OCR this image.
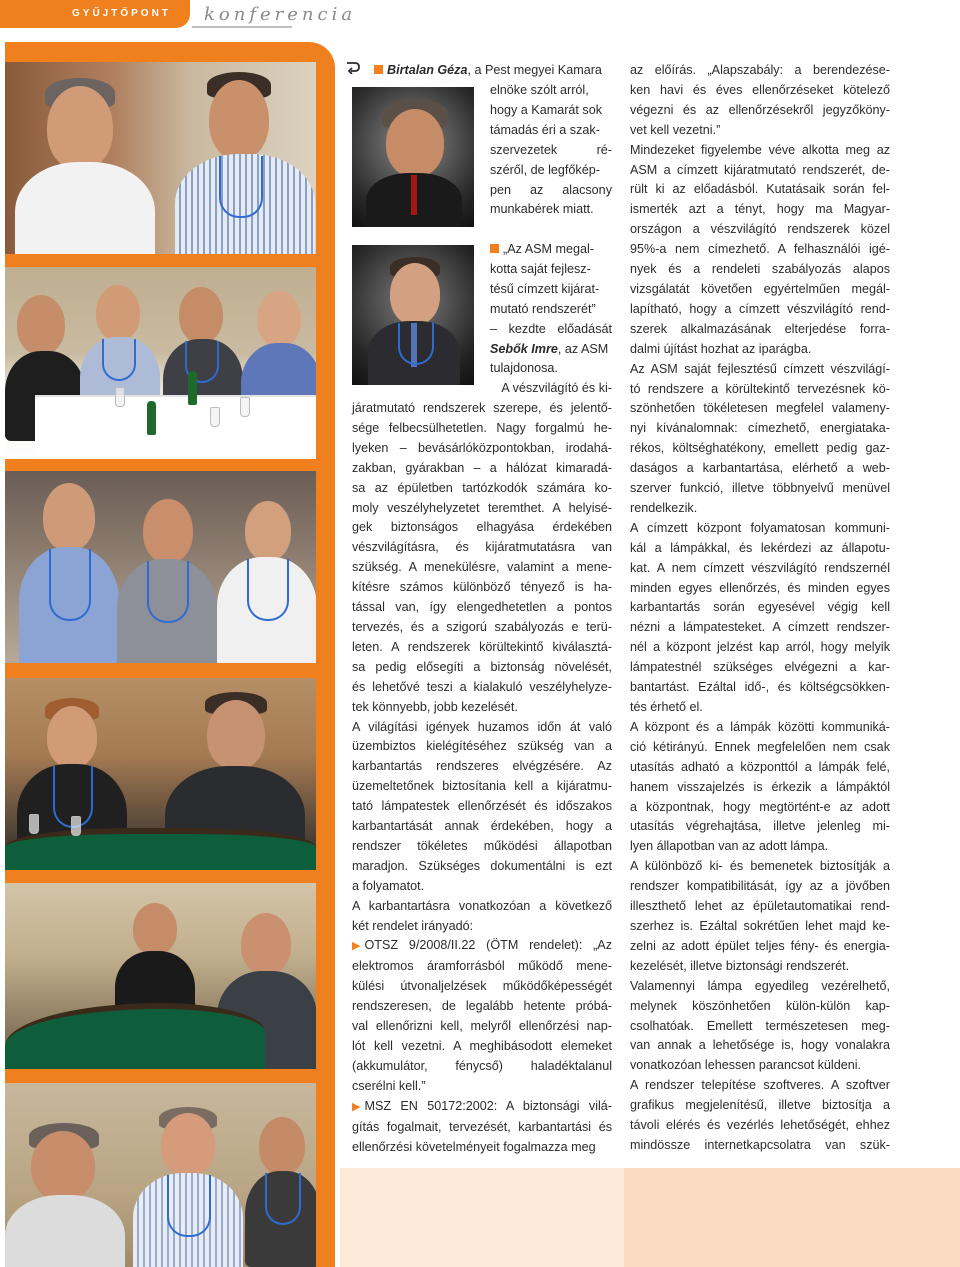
GYŰJTŐPONT konferencia
Birtalan Géza, a Pest megyei Kamara

elnöke szólt arról,

hogy a Kamarát sok

támadás éri a szak-

szervezetek ré-

széről, de legfőkép-

pen az alacsony

munkabérek miatt.

„Az ASM megal-

kotta saját fejlesz-

tésű címzett kijárat-

mutató rendszerét”

– kezdte előadását

Sebők Imre, az ASM

tulajdonosa.

A vészvilágító és ki-

járatmutató rendszerek szerepe, és jelentő-

sége felbecsülhetetlen. Nagy forgalmú he-

lyeken – bevásárlóközpontokban, irodahá-

zakban, gyárakban – a hálózat kimaradá-

sa az épületben tartózkodók számára ko-

moly veszélyhelyzetet teremthet. A helyisé-

gek biztonságos elhagyása érdekében

vészvilágításra, és kijáratmutatásra van

szükség. A menekülésre, valamint a mene-

kítésre számos különböző tényező is ha-

tással van, így elengedhetetlen a pontos

tervezés, és a szigorú szabályozás e terü-

leten. A rendszerek körültekintő kiválasztá-

sa pedig elősegíti a biztonság növelését,

és lehetővé teszi a kialakuló veszélyhelyze-

tek könnyebb, jobb kezelését.

A világítási igények huzamos időn át való

üzembiztos kielégítéséhez szükség van a

karbantartás rendszeres elvégzésére. Az

üzemeltetőnek biztosítania kell a kijáratmu-

tató lámpatestek ellenőrzését és időszakos

karbantartását annak érdekében, hogy a

rendszer tökéletes működési állapotban

maradjon. Szükséges dokumentálni is ezt

a folyamatot.

A karbantartásra vonatkozóan a következő

két rendelet irányadó:

▶ OTSZ 9/2008/II.22 (ÖTM rendelet): „Az

elektromos áramforrásból működő mene-

külési útvonaljelzések működőképességét

rendszeresen, de legalább hetente próbá-

val ellenőrizni kell, melyről ellenőrzési nap-

lót kell vezetni. A meghibásodott elemeket

(akkumulátor, fénycső) haladéktalanul

cserélni kell.”

▶ MSZ EN 50172:2002: A biztonsági vilá-

gítás fogalmait, tervezését, karbantartási és

ellenőrzési követelményeit fogalmazza meg

az előírás. „Alapszabály: a berendezése-

ken havi és éves ellenőrzéseket kötelező

végezni és az ellenőrzésekről jegyzőköny-

vet kell vezetni.”

Mindezeket figyelembe véve alkotta meg az

ASM a címzett kijáratmutató rendszerét, de-

rült ki az előadásból. Kutatásaik során fel-

ismerték azt a tényt, hogy ma Magyar-

országon a vészvilágító rendszerek közel

95%-a nem címezhető. A felhasználói igé-

nyek és a rendeleti szabályozás alapos

vizsgálatát követően egyértelműen megál-

lapítható, hogy a címzett vészvilágító rend-

szerek alkalmazásának elterjedése forra-

dalmi újítást hozhat az iparágba.

Az ASM saját fejlesztésű címzett vészvilágí-

tó rendszere a körültekintő tervezésnek kö-

szönhetően tökéletesen megfelel valameny-

nyi kívánalomnak: címezhető, energiataka-

rékos, költséghatékony, emellett pedig gaz-

daságos a karbantartása, elérhető a web-

szerver funkció, illetve többnyelvű menüvel

rendelkezik.

A címzett központ folyamatosan kommuni-

kál a lámpákkal, és lekérdezi az állapotu-

kat. A nem címzett vészvilágító rendszernél

minden egyes ellenőrzés, és minden egyes

karbantartás során egyesével végig kell

nézni a lámpatesteket. A címzett rendszer-

nél a központ jelzést kap arról, hogy melyik

lámpatestnél szükséges elvégezni a kar-

bantartást. Ezáltal idő-, és költségcsökken-

tés érhető el.

A központ és a lámpák közötti kommuniká-

ció kétirányú. Ennek megfelelően nem csak

utasítás adható a központtól a lámpák felé,

hanem visszajelzés is érkezik a lámpáktól

a központnak, hogy megtörtént-e az adott

utasítás végrehajtása, illetve jelenleg mi-

lyen állapotban van az adott lámpa.

A különböző ki- és bemenetek biztosítják a

rendszer kompatibilitását, így az a jövőben

illeszthető lehet az épületautomatikai rend-

szerhez is. Ezáltal sokrétűen lehet majd ke-

zelni az adott épület teljes fény- és energia-

kezelését, illetve biztonsági rendszerét.

Valamennyi lámpa egyedileg vezérelhető,

melynek köszönhetően külön-külön kap-

csolhatóak. Emellett természetesen meg-

van annak a lehetősége is, hogy vonalakra

vonatkozóan lehessen parancsot küldeni.

A rendszer telepítése szoftveres. A szoftver

grafikus megjelenítésű, illetve biztosítja a

távoli elérés és vezérlés lehetőségét, ehhez

mindössze internetkapcsolatra van szük-
